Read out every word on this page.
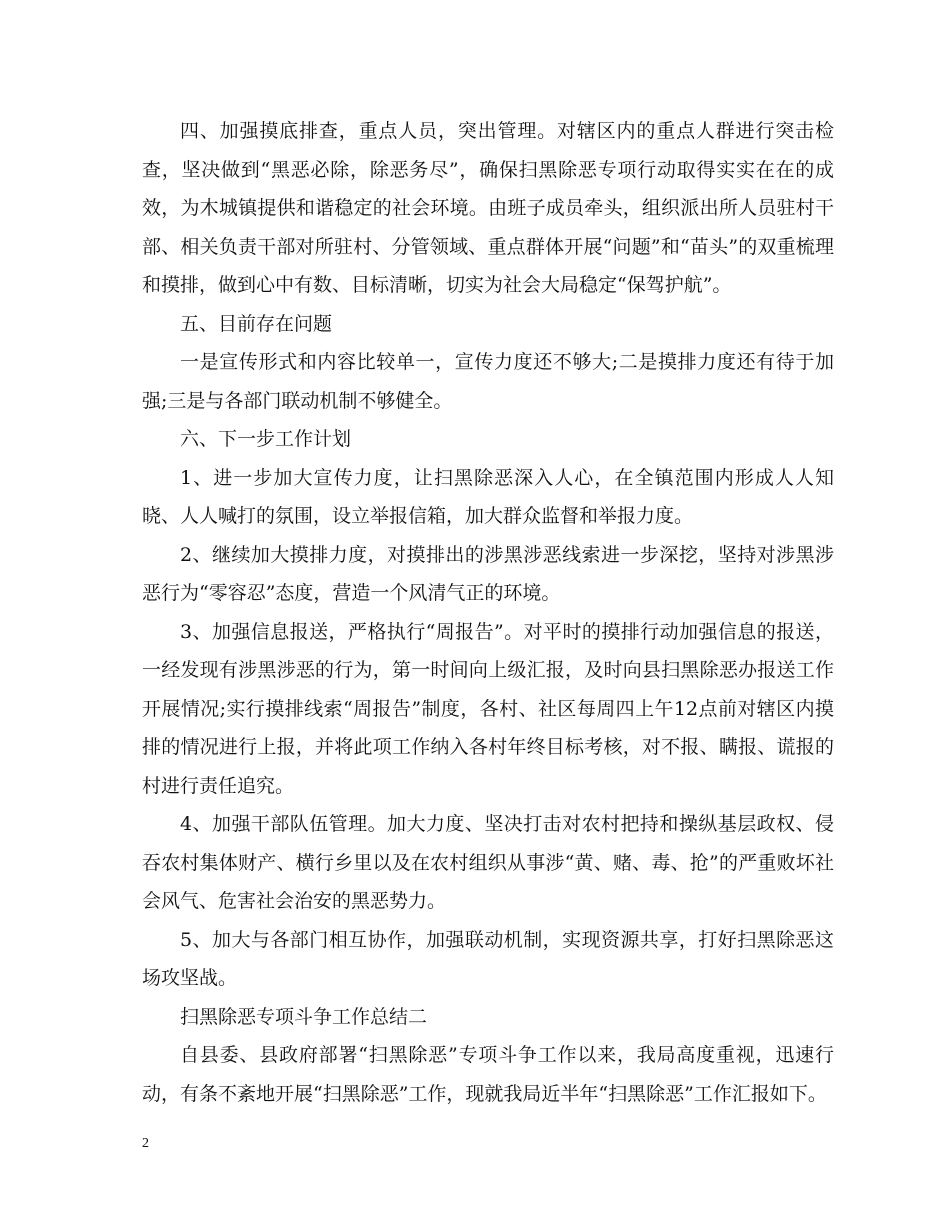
四、加强摸底排查，重点人员，突出管理。对辖区内的重点人群进行突击检查，坚决做到“黑恶必除，除恶务尽”，确保扫黑除恶专项行动取得实实在在的成效，为木城镇提供和谐稳定的社会环境。由班子成员牵头，组织派出所人员驻村干部、相关负责干部对所驻村、分管领域、重点群体开展“问题”和“苗头”的双重梳理和摸排，做到心中有数、目标清晰，切实为社会大局稳定“保驾护航”。

五、目前存在问题

一是宣传形式和内容比较单一，宣传力度还不够大;二是摸排力度还有待于加强;三是与各部门联动机制不够健全。

六、下一步工作计划

1、进一步加大宣传力度，让扫黑除恶深入人心，在全镇范围内形成人人知晓、人人喊打的氛围，设立举报信箱，加大群众监督和举报力度。

2、继续加大摸排力度，对摸排出的涉黑涉恶线索进一步深挖，坚持对涉黑涉恶行为“零容忍”态度，营造一个风清气正的环境。

3、加强信息报送，严格执行“周报告”。对平时的摸排行动加强信息的报送，一经发现有涉黑涉恶的行为，第一时间向上级汇报，及时向县扫黑除恶办报送工作开展情况;实行摸排线索“周报告”制度，各村、社区每周四上午12点前对辖区内摸排的情况进行上报，并将此项工作纳入各村年终目标考核，对不报、瞒报、谎报的村进行责任追究。

4、加强干部队伍管理。加大力度、坚决打击对农村把持和操纵基层政权、侵吞农村集体财产、横行乡里以及在农村组织从事涉“黄、赌、毒、抢”的严重败坏社会风气、危害社会治安的黑恶势力。

5、加大与各部门相互协作，加强联动机制，实现资源共享，打好扫黑除恶这场攻坚战。

扫黑除恶专项斗争工作总结二

自县委、县政府部署“扫黑除恶”专项斗争工作以来，我局高度重视，迅速行动，有条不紊地开展“扫黑除恶”工作，现就我局近半年“扫黑除恶”工作汇报如下。

2
